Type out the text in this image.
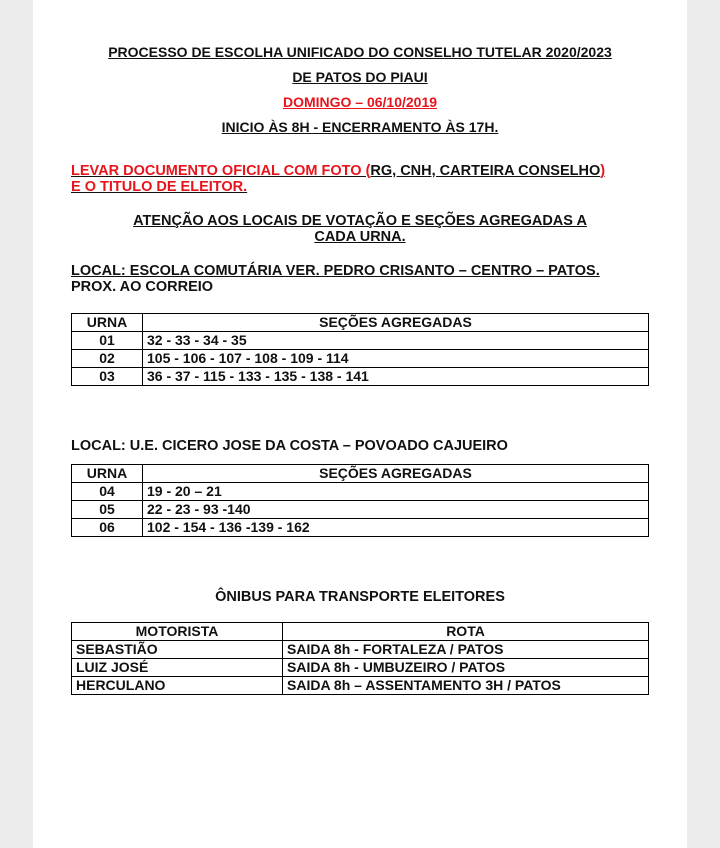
PROCESSO DE ESCOLHA UNIFICADO DO CONSELHO TUTELAR 2020/2023
DE PATOS DO PIAUI
DOMINGO – 06/10/2019
INICIO ÀS 8H - ENCERRAMENTO ÀS 17H.
LEVAR DOCUMENTO OFICIAL COM FOTO (RG, CNH, CARTEIRA CONSELHO)
E O TITULO DE ELEITOR.
ATENÇÃO AOS LOCAIS DE VOTAÇÃO E SEÇÕES AGREGADAS A
CADA URNA.
LOCAL: ESCOLA COMUTÁRIA VER. PEDRO CRISANTO – CENTRO – PATOS.
PROX. AO CORREIO
URNA	SEÇÕES AGREGADAS
01	32 - 33 - 34 - 35
02	105 - 106 - 107 - 108 - 109 - 114
03	36 - 37 - 115 - 133 - 135 - 138 - 141
LOCAL: U.E. CICERO JOSE DA COSTA – POVOADO CAJUEIRO
URNA	SEÇÕES AGREGADAS
04	19 - 20 – 21
05	22 - 23 - 93 -140
06	102 - 154 - 136 -139 - 162
ÔNIBUS PARA TRANSPORTE ELEITORES
MOTORISTA	ROTA
SEBASTIÃO	SAIDA 8h - FORTALEZA / PATOS
LUIZ JOSÉ	SAIDA 8h - UMBUZEIRO / PATOS
HERCULANO	SAIDA 8h – ASSENTAMENTO 3H / PATOS
